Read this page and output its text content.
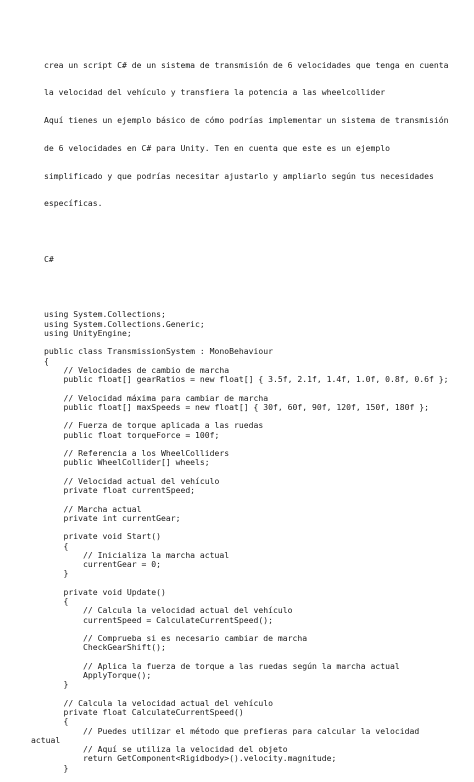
crea un script C# de un sistema de transmisión de 6 velocidades que tenga en cuenta

la velocidad del vehículo y transfiera la potencia a las wheelcollider

Aquí tienes un ejemplo básico de cómo podrías implementar un sistema de transmisión

de 6 velocidades en C# para Unity. Ten en cuenta que este es un ejemplo

simplificado y que podrías necesitar ajustarlo y ampliarlo según tus necesidades

específicas.

C#

using System.Collections;
using System.Collections.Generic;
using UnityEngine;
public class TransmissionSystem : MonoBehaviour
{
// Velocidades de cambio de marcha
public float[] gearRatios = new float[] { 3.5f, 2.1f, 1.4f, 1.0f, 0.8f, 0.6f };
// Velocidad máxima para cambiar de marcha
public float[] maxSpeeds = new float[] { 30f, 60f, 90f, 120f, 150f, 180f };
// Fuerza de torque aplicada a las ruedas
public float torqueForce = 100f;
// Referencia a los WheelColliders
public WheelCollider[] wheels;
// Velocidad actual del vehículo
private float currentSpeed;
// Marcha actual
private int currentGear;
private void Start()
{
// Inicializa la marcha actual
currentGear = 0;
}
private void Update()
{
// Calcula la velocidad actual del vehículo
currentSpeed = CalculateCurrentSpeed();
// Comprueba si es necesario cambiar de marcha
CheckGearShift();
// Aplica la fuerza de torque a las ruedas según la marcha actual
ApplyTorque();
}
// Calcula la velocidad actual del vehículo
private float CalculateCurrentSpeed()
{
// Puedes utilizar el método que prefieras para calcular la velocidad
actual
// Aquí se utiliza la velocidad del objeto
return GetComponent<Rigidbody>().velocity.magnitude;
}
